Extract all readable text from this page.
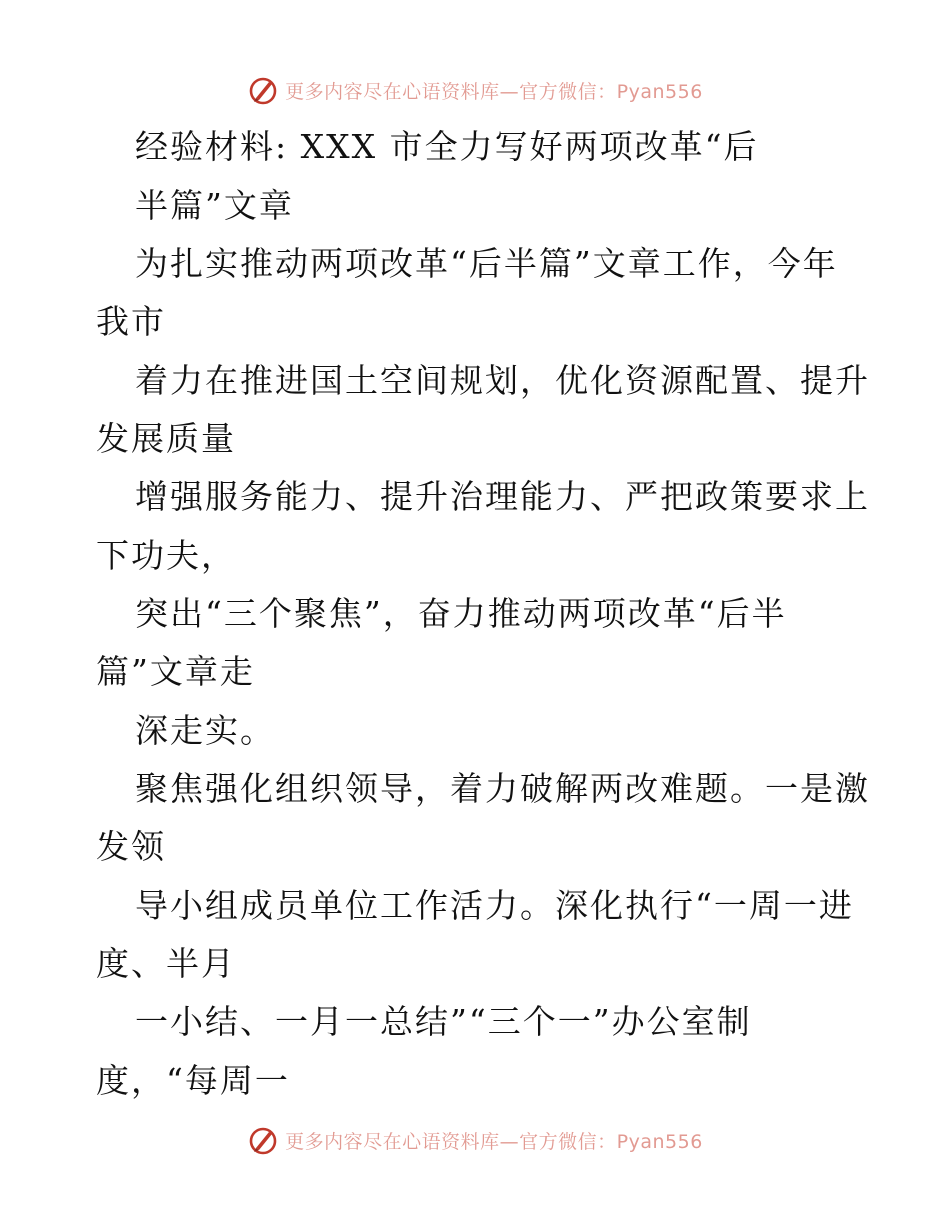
更多内容尽在心语资料库—官方微信：Pyan556
经验材料: XXX 市全力写好两项改革“后
半篇”文章
为扎实推动两项改革“后半篇”文章工作，今年
我市
着力在推进国土空间规划，优化资源配置、提升
发展质量
增强服务能力、提升治理能力、严把政策要求上
下功夫，
突出“三个聚焦”，奋力推动两项改革“后半
篇”文章走
深走实。
聚焦强化组织领导，着力破解两改难题。一是激
发领
导小组成员单位工作活力。深化执行“一周一进
度、半月
一小结、一月一总结”“三个一”办公室制
度，“每周一
更多内容尽在心语资料库—官方微信：Pyan556
